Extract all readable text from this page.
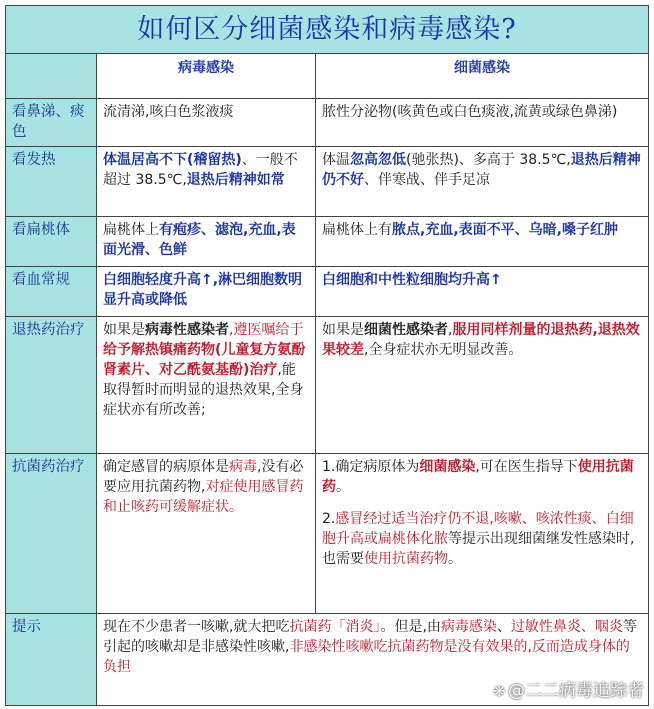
如何区分细菌感染和病毒感染?		
	病毒感染	细菌感染
看鼻涕、痰色	流清涕,咳白色浆液痰	脓性分泌物(咳黄色或白色痰液,流黄或绿色鼻涕)
看发热	体温居高不下(稽留热)、一般不超过 38.5℃,退热后精神如常	体温忽高忽低(驰张热)、多高于 38.5℃,退热后精神仍不好、伴寒战、伴手足凉
看扁桃体	扁桃体上有疱疹、滤泡,充血,表面光滑、色鲜	扁桃体上有脓点,充血,表面不平、乌暗,嗓子红肿
看血常规	白细胞轻度升高↑,淋巴细胞数明显升高或降低	白细胞和中性粒细胞均升高↑
退热药治疗	如果是病毒性感染者,遵医嘱给于给予解热镇痛药物(儿童复方氨酚肾素片、对乙酰氨基酚)治疗,能取得暂时而明显的退热效果,全身症状亦有所改善;	如果是细菌性感染者,服用同样剂量的退热药,退热效果较差,全身症状亦无明显改善。
抗菌药治疗	确定感冒的病原体是病毒,没有必要应用抗菌药物,对症使用感冒药和止咳药可缓解症状。	1.确定病原体为细菌感染,可在医生指导下使用抗菌药。
2.感冒经过适当治疗仍不退,咳嗽、咳浓性痰、白细胞升高或扁桃体化脓等提示出现细菌继发性感染时,也需要使用抗菌药物。
提示	现在不少患者一咳嗽,就大把吃抗菌药「消炎」。但是,由病毒感染、过敏性鼻炎、咽炎等引起的咳嗽却是非感染性咳嗽,非感染性咳嗽吃抗菌药物是没有效果的,反而造成身体的负担	
❋ @二二病毒追踪者
